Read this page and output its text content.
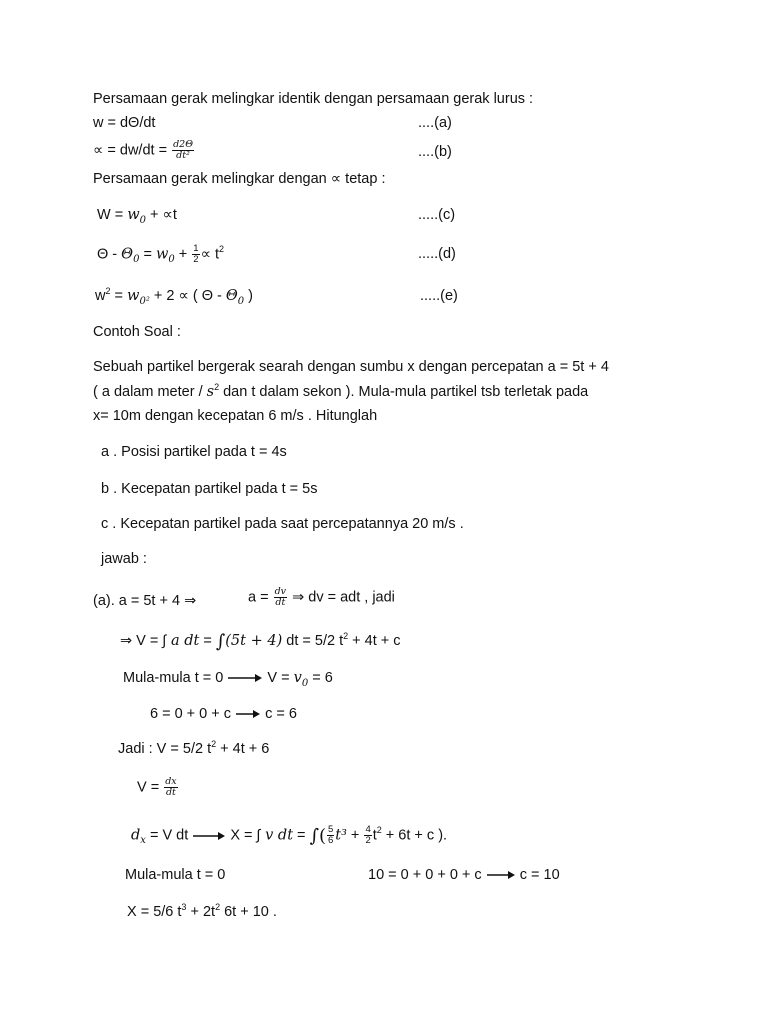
Persamaan gerak melingkar identik dengan persamaan gerak lurus :
w = dΘ/dt	....(a)
∝ = $dw/dt = \frac{d2\Theta}{\text{dt²}}$	....(b)
Persamaan gerak melingkar dengan ∝ tetap :
$W = w_0 + \propto t$	.....(c)
$\Theta - \Theta_0 = w_0 + \frac{1}{2} \propto t^2$	.....(d)
$w^2 = w_{0^2} + 2$ ∝ ( Θ - $\Theta_0$ )	.....(e)
Contoh Soal :
Sebuah partikel bergerak searah dengan sumbu x dengan percepatan a = 5t + 4
( a dalam meter / $s^2$ dan t dalam sekon ). Mula-mula partikel tsb terletak pada
x= 10m dengan kecepatan 6 m/s . Hitunglah
a . Posisi partikel pada t = 4s
b . Kecepatan partikel pada t = 5s
c . Kecepatan partikel pada saat percepatannya 20 m/s .
jawab :
(a). a = 5t + 4 ⇒	$a = \frac{dv}{dt}$ ⇒ dv = adt , jadi
⇒ V = ∫ a dt = ∫(5t + 4) dt = 5/2 $t^2 + 4t + c$
Mula-mula t = 0	$V = v_0 = 6$
6 = 0 + 0 + c c = 6
Jadi : V = 5/2 $t^2 + 4t + 6$
$V = \frac{dx}{dt}$
$d_x = V$ dt	X = ∫ v dt = ∫( $\frac{5}{6} t^3 + \frac{4}{2} t^2 + 6t + c$ ).
Mula-mula t = 0	10 = 0 + 0 + 0 + c	c = 10
X = 5/6 $t^3 + 2t^2$ 6t + 10 .
